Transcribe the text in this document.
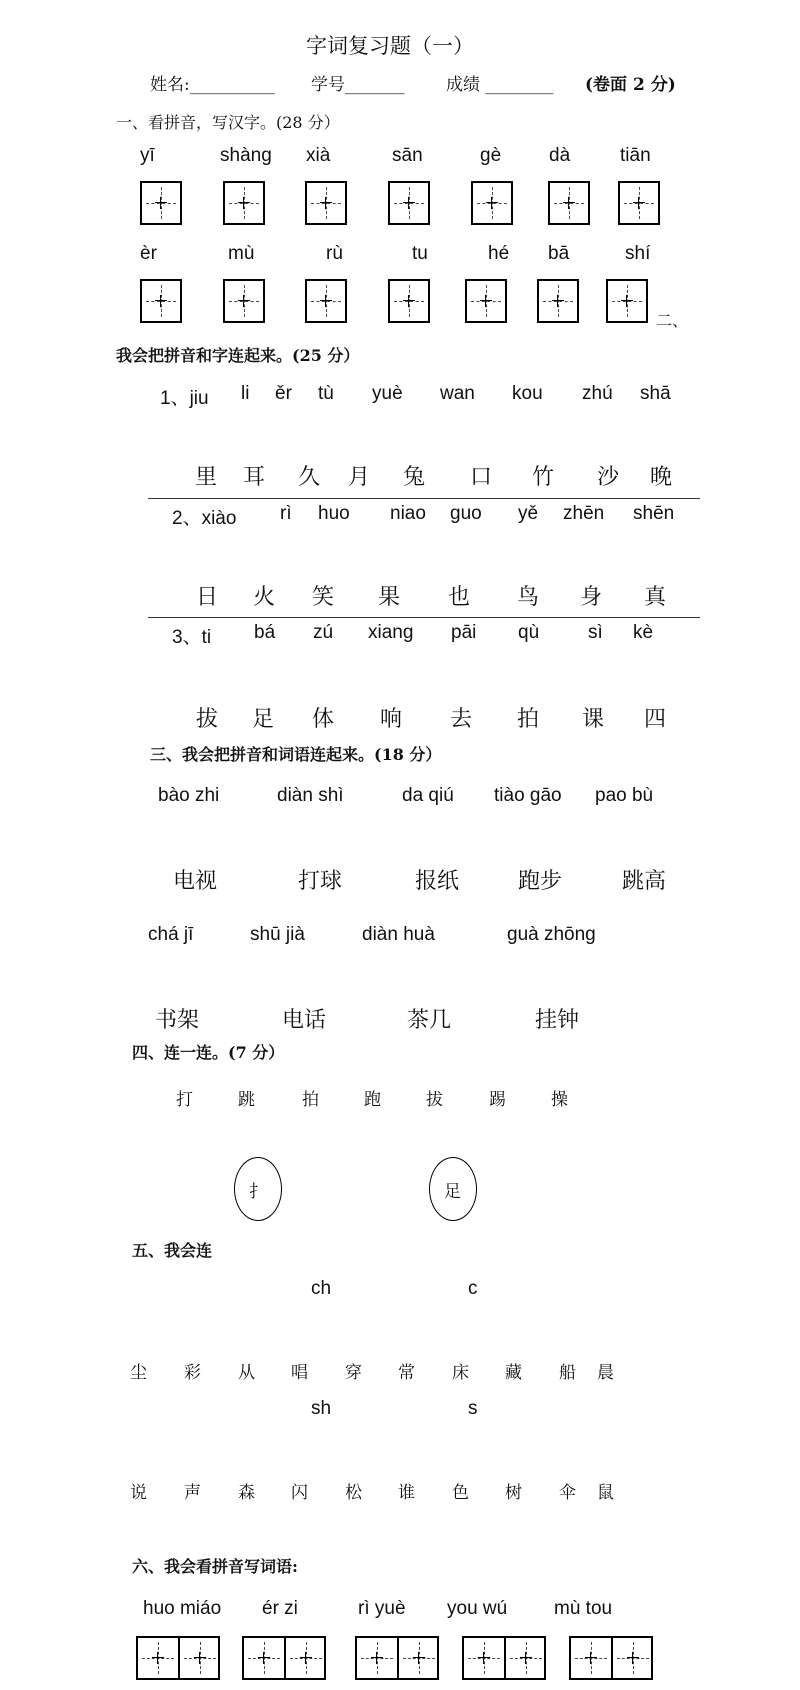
字词复习题（一）
姓名:__________ 学号_______ 成绩 ________ (卷面 2 分)
一、看拼音，写汉字。(28 分）
yī	shàng xià	sān	gè	dà	tiān
èr	mù	rù	tu	hé bā	shí
二、
我会把拼音和字连起来。(25 分）
1、jiu li ěr tù yuè wan kou zhú shā
里 耳 久 月 兔 口 竹 沙 晚
2、xiào rì huo niao guo yě zhēn shēn
日 火 笑 果 也 鸟 身 真
3、ti bá zú xiang pāi qù	sì kè
拔 足 体 响 去 拍 课 四
三、我会把拼音和词语连起来。(18 分）
bào zhi	diàn shì	da qiú tiào gāo pao bù
电视	打球	报纸	跑步	跳高
chá jī	shū jià	diàn huà	guà zhōng
书架	电话	茶几	挂钟
四、连一连。(7 分）
打	跳	拍	跑	拔	踢	操
扌	足
五、我会连
ch	c
尘 彩 从 唱 穿 常 床 藏 船 晨
sh	s
说 声 森 闪 松 谁 色 树 伞 鼠
六、我会看拼音写词语:
huo miáo ér zi	rì yuè you wú mù tou
